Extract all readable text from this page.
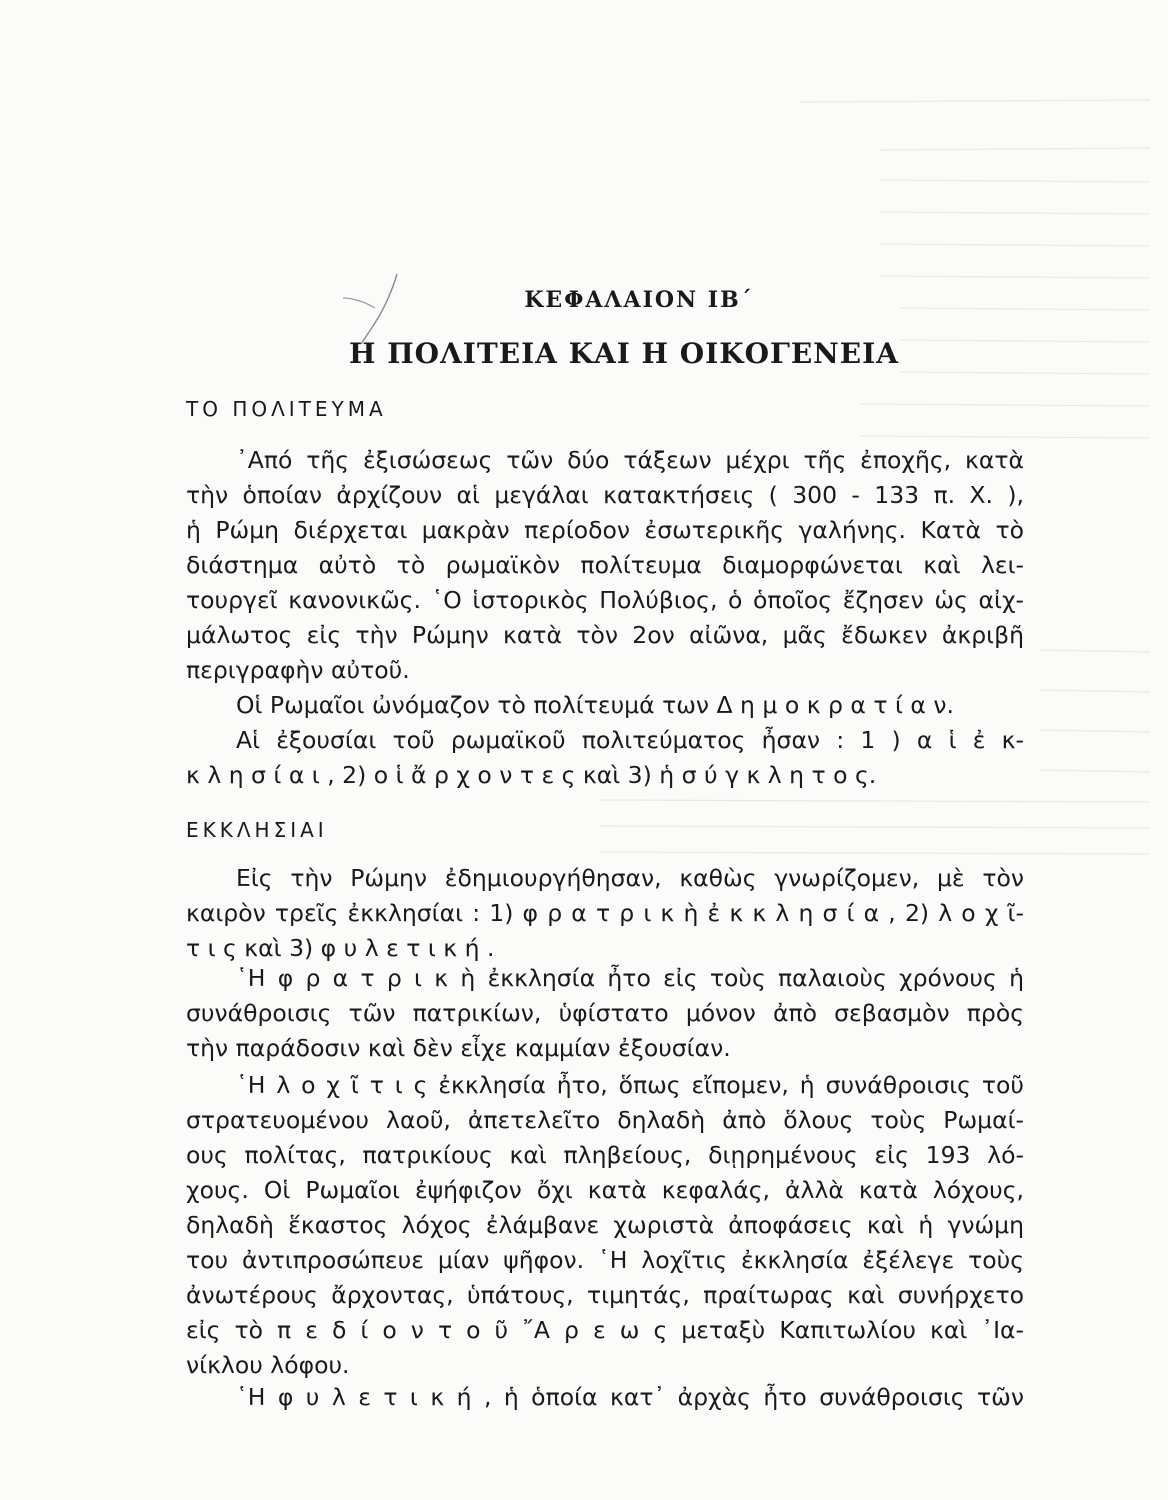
ΚΕΦΑΛΑΙΟΝ ΙΒ΄
Η ΠΟΛΙΤΕΙΑ ΚΑΙ Η ΟΙΚΟΓΕΝΕΙΑ
ΤΟ ΠΟΛΙΤΕΥΜΑ
᾿Από τῆς ἐξισώσεως τῶν δύο τάξεων μέχρι τῆς ἐποχῆς, κατὰ
τὴν ὁποίαν ἀρχίζουν αἱ μεγάλαι κατακτήσεις ( 300 - 133 π. Χ. ),
ἡ Ρώμη διέρχεται μακρὰν περίοδον ἐσωτερικῆς γαλήνης. Κατὰ τὸ
διάστημα αὐτὸ τὸ ρωμαϊκὸν πολίτευμα διαμορφώνεται καὶ λει-
τουργεῖ κανονικῶς. ῾Ο ἱστορικὸς Πολύβιος, ὁ ὁποῖος ἔζησεν ὡς αἰχ-
μάλωτος εἰς τὴν Ρώμην κατὰ τὸν 2ον αἰῶνα, μᾶς ἔδωκεν ἀκριβῆ
περιγραφὴν αὐτοῦ.
Οἱ Ρωμαῖοι ὠνόμαζον τὸ πολίτευμά των Δ η μ ο κ ρ α τ ί α ν.
Αἱ ἐξουσίαι τοῦ ρωμαϊκοῦ πολιτεύματος ἦσαν : 1 ) α ἱ ἐ κ-
κ λ η σ ί α ι , 2) ο ἱ ἄ ρ χ ο ν τ ε ς καὶ 3) ἡ σ ύ γ κ λ η τ ο ς.
ΕΚΚΛΗΣΙΑΙ
Εἰς τὴν Ρώμην ἐδημιουργήθησαν, καθὼς γνωρίζομεν, μὲ τὸν
καιρὸν τρεῖς ἐκκλησίαι : 1) φ ρ α τ ρ ι κ ὴ ἐ κ κ λ η σ ί α , 2) λ ο χ ῖ-
τ ι ς καὶ 3) φ υ λ ε τ ι κ ή .
῾Η φ ρ α τ ρ ι κ ὴ ἐκκλησία ἦτο εἰς τοὺς παλαιοὺς χρόνους ἡ
συνάθροισις τῶν πατρικίων, ὑφίστατο μόνον ἀπὸ σεβασμὸν πρὸς
τὴν παράδοσιν καὶ δὲν εἶχε καμμίαν ἐξουσίαν.
῾Η λ ο χ ῖ τ ι ς ἐκκλησία ἦτο, ὅπως εἴπομεν, ἡ συνάθροισις τοῦ
στρατευομένου λαοῦ, ἀπετελεῖτο δηλαδὴ ἀπὸ ὅλους τοὺς Ρωμαί-
ους πολίτας, πατρικίους καὶ πληβείους, διῃρημένους εἰς 193 λό-
χους. Οἱ Ρωμαῖοι ἐψήφιζον ὄχι κατὰ κεφαλάς, ἀλλὰ κατὰ λόχους,
δηλαδὴ ἕκαστος λόχος ἐλάμβανε χωριστὰ ἀποφάσεις καὶ ἡ γνώμη
του ἀντιπροσώπευε μίαν ψῆφον. ῾Η λοχῖτις ἐκκλησία ἐξέλεγε τοὺς
ἀνωτέρους ἄρχοντας, ὑπάτους, τιμητάς, πραίτωρας καὶ συνήρχετο
εἰς τὸ π ε δ ί ο ν τ ο ῦ ῎Α ρ ε ω ς μεταξὺ Καπιτωλίου καὶ ᾿Ια-
νίκλου λόφου.
῾Η φ υ λ ε τ ι κ ή , ἡ ὁποία κατ᾿ ἀρχὰς ἦτο συνάθροισις τῶν
